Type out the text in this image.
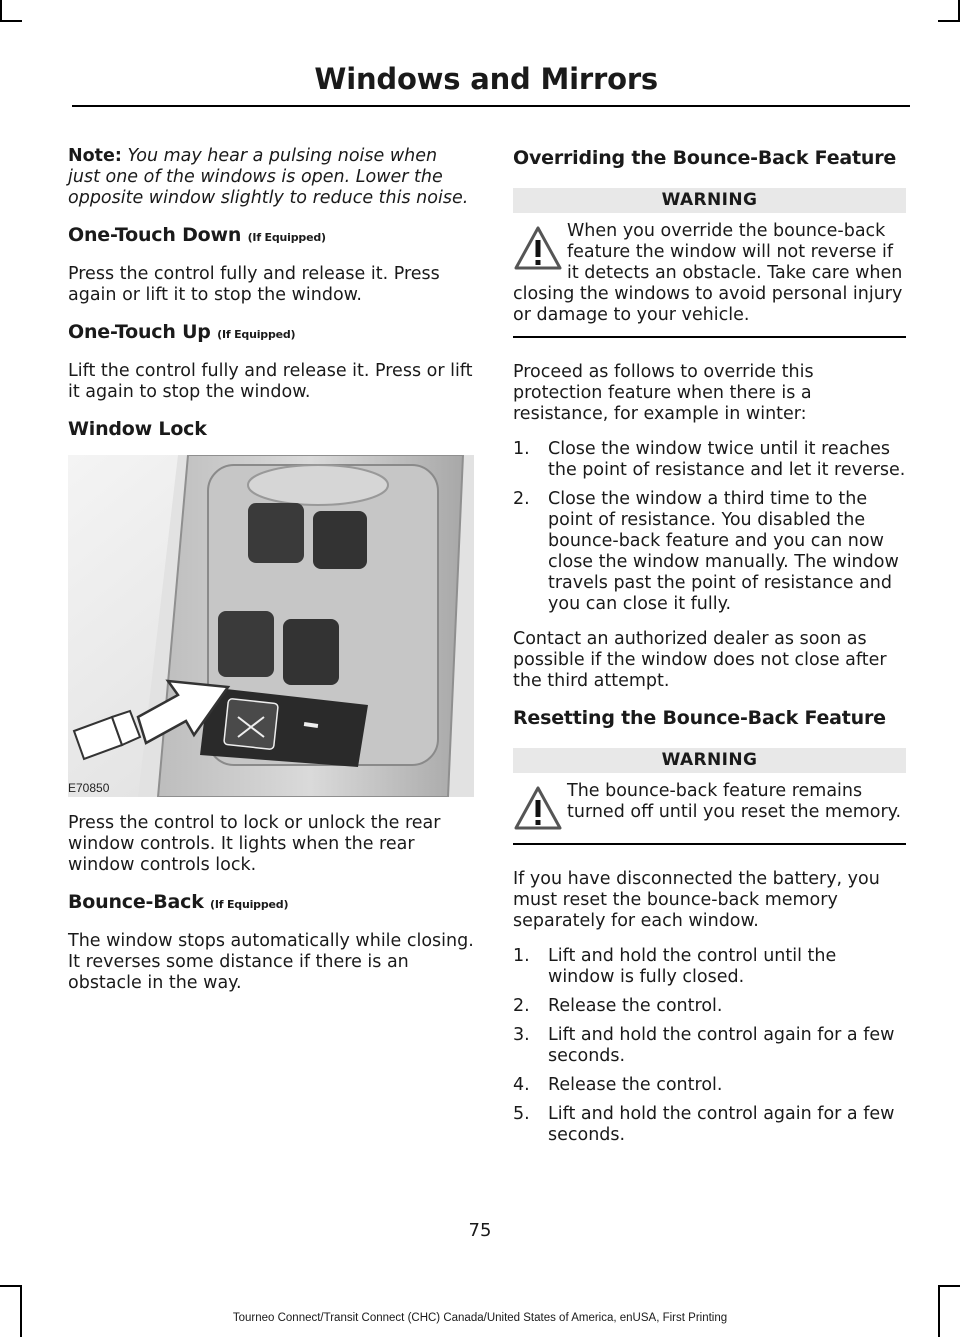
Windows and Mirrors

Note: You may hear a pulsing noise when just one of the windows is open. Lower the opposite window slightly to reduce this noise.

One-Touch Down (If Equipped)

Press the control fully and release it. Press again or lift it to stop the window.

One-Touch Up (If Equipped)

Lift the control fully and release it. Press or lift it again to stop the window.

Window Lock
E70850

Press the control to lock or unlock the rear window controls. It lights when the rear window controls lock.

Bounce-Back (If Equipped)

The window stops automatically while closing. It reverses some distance if there is an obstacle in the way.

Overriding the Bounce-Back Feature
WARNING
When you override the bounce-back feature the window will not reverse if it detects an obstacle. Take care when closing the windows to avoid personal injury or damage to your vehicle.

Proceed as follows to override this protection feature when there is a resistance, for example in winter:

1. Close the window twice until it reaches the point of resistance and let it reverse.
2. Close the window a third time to the point of resistance. You disabled the bounce-back feature and you can now close the window manually. The window travels past the point of resistance and you can close it fully.

Contact an authorized dealer as soon as possible if the window does not close after the third attempt.

Resetting the Bounce-Back Feature
WARNING
The bounce-back feature remains turned off until you reset the memory.

If you have disconnected the battery, you must reset the bounce-back memory separately for each window.

1. Lift and hold the control until the window is fully closed.
2. Release the control.
3. Lift and hold the control again for a few seconds.
4. Release the control.
5. Lift and hold the control again for a few seconds.
75
Tourneo Connect/Transit Connect (CHC) Canada/United States of America, enUSA, First Printing
